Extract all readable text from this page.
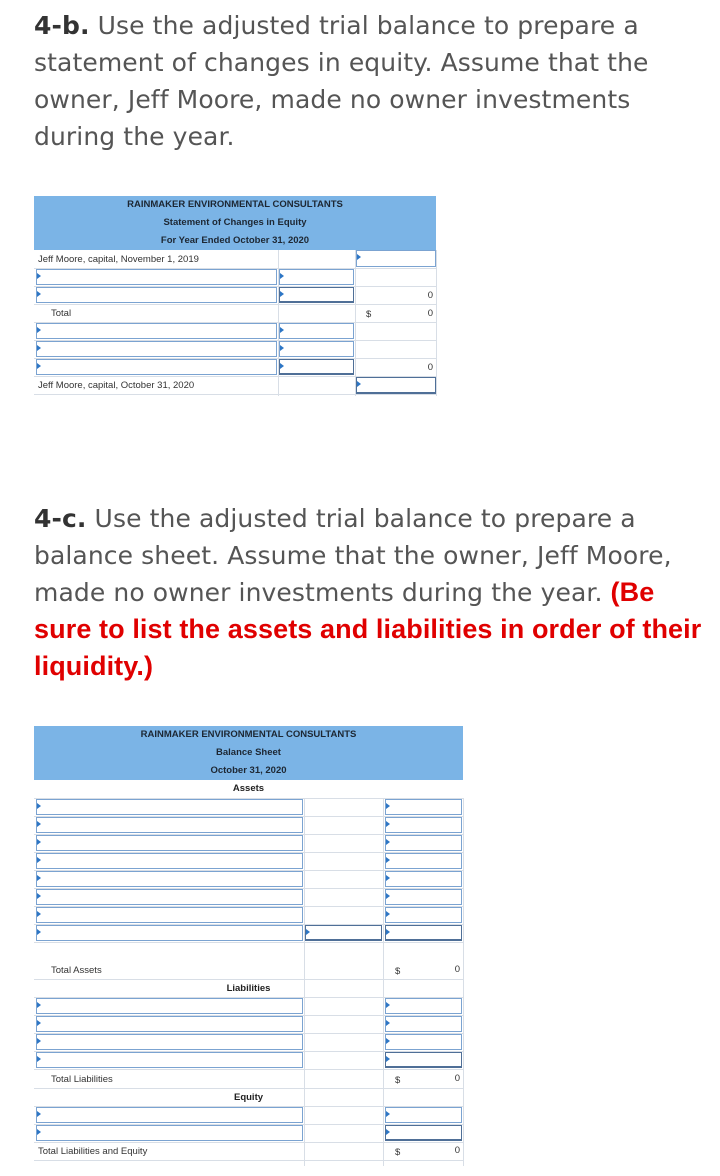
4-b. Use the adjusted trial balance to prepare a statement of changes in equity. Assume that the owner, Jeff Moore, made no owner investments during the year.
RAINMAKER ENVIRONMENTAL CONSULTANTS
Statement of Changes in Equity
For Year Ended October 31, 2020
Jeff Moore, capital, November 1, 2019
0
Total	$	0
0
Jeff Moore, capital, October 31, 2020
4-c. Use the adjusted trial balance to prepare a balance sheet. Assume that the owner, Jeff Moore, made no owner investments during the year. (Be sure to list the assets and liabilities in order of their liquidity.)
RAINMAKER ENVIRONMENTAL CONSULTANTS
Balance Sheet
October 31, 2020
Assets
Total Assets	$	0
Liabilities
Total Liabilities	$	0
Equity
Total Liabilities and Equity	$	0
